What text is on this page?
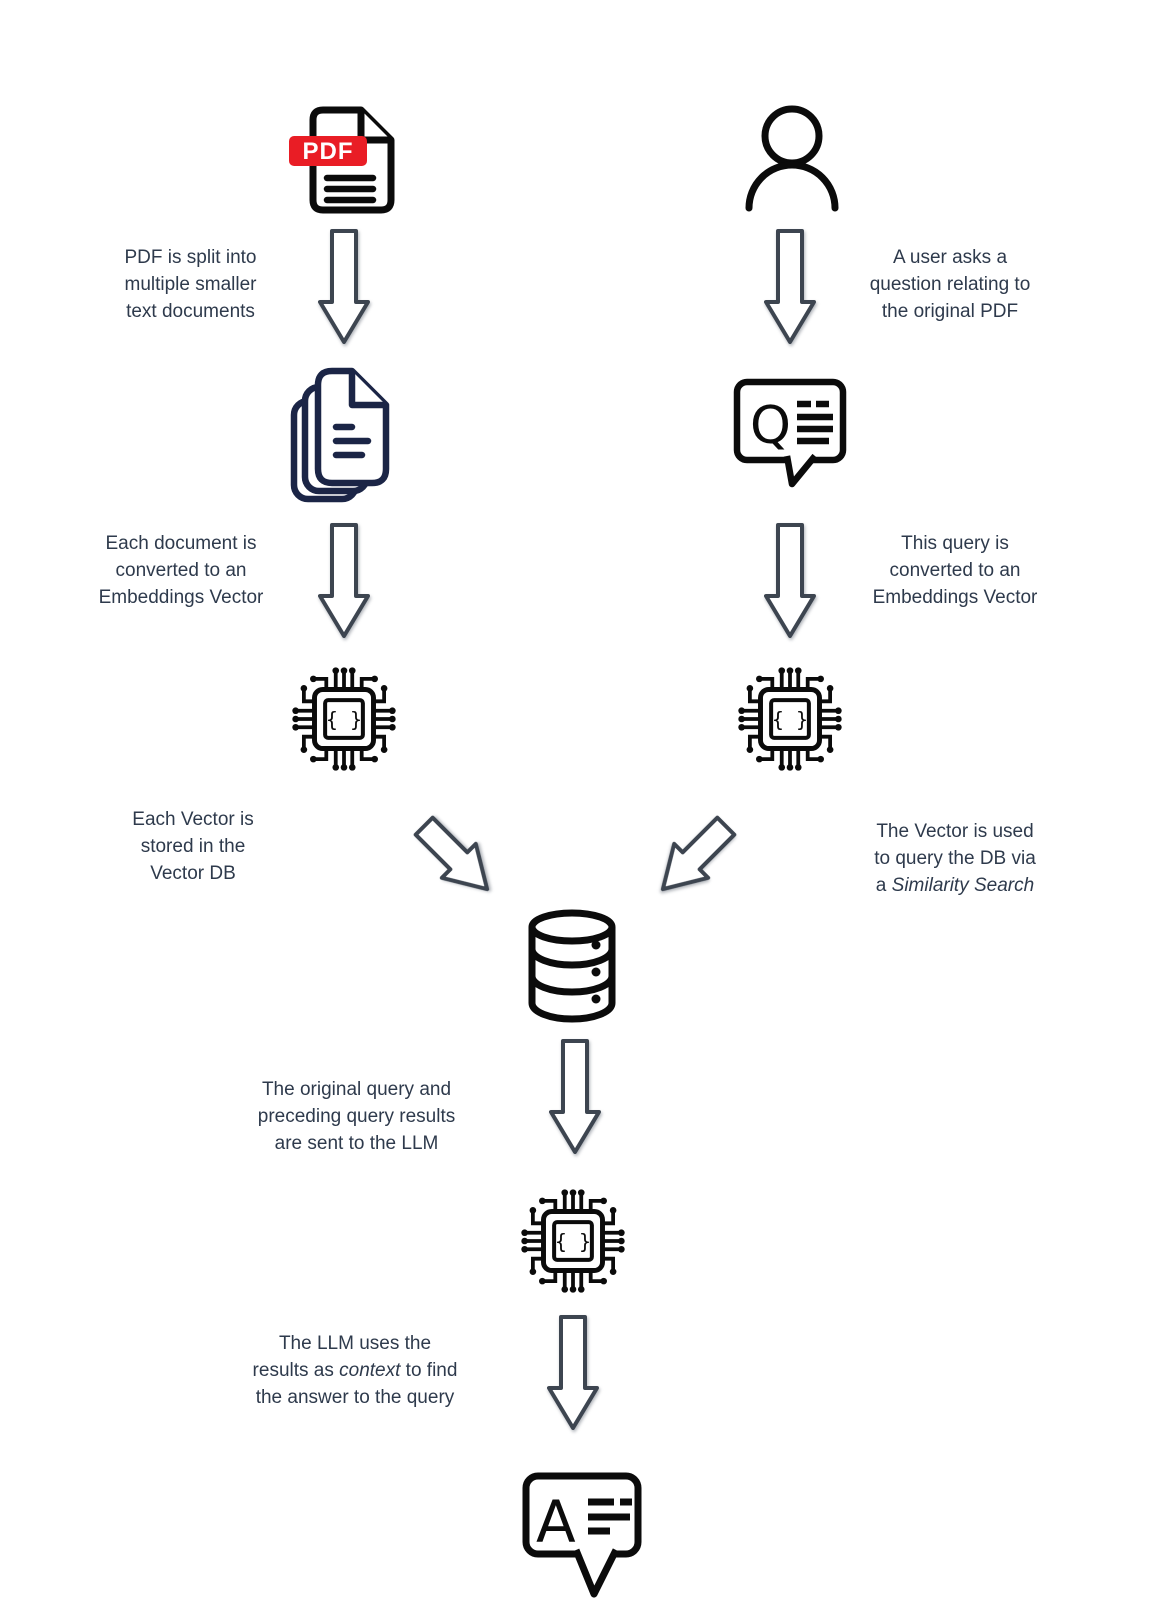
PDF
PDF is split into
multiple smaller
text documents
Each document is
converted to an
Embeddings Vector
Each Vector is
stored in the
Vector DB
A user asks a
question relating to
the original PDF
Q
This query is
converted to an
Embeddings Vector
The Vector is used
to query the DB via
a Similarity Search
The original query and
preceding query results
are sent to the LLM
The LLM uses the
results as context to find
the answer to the query
A
